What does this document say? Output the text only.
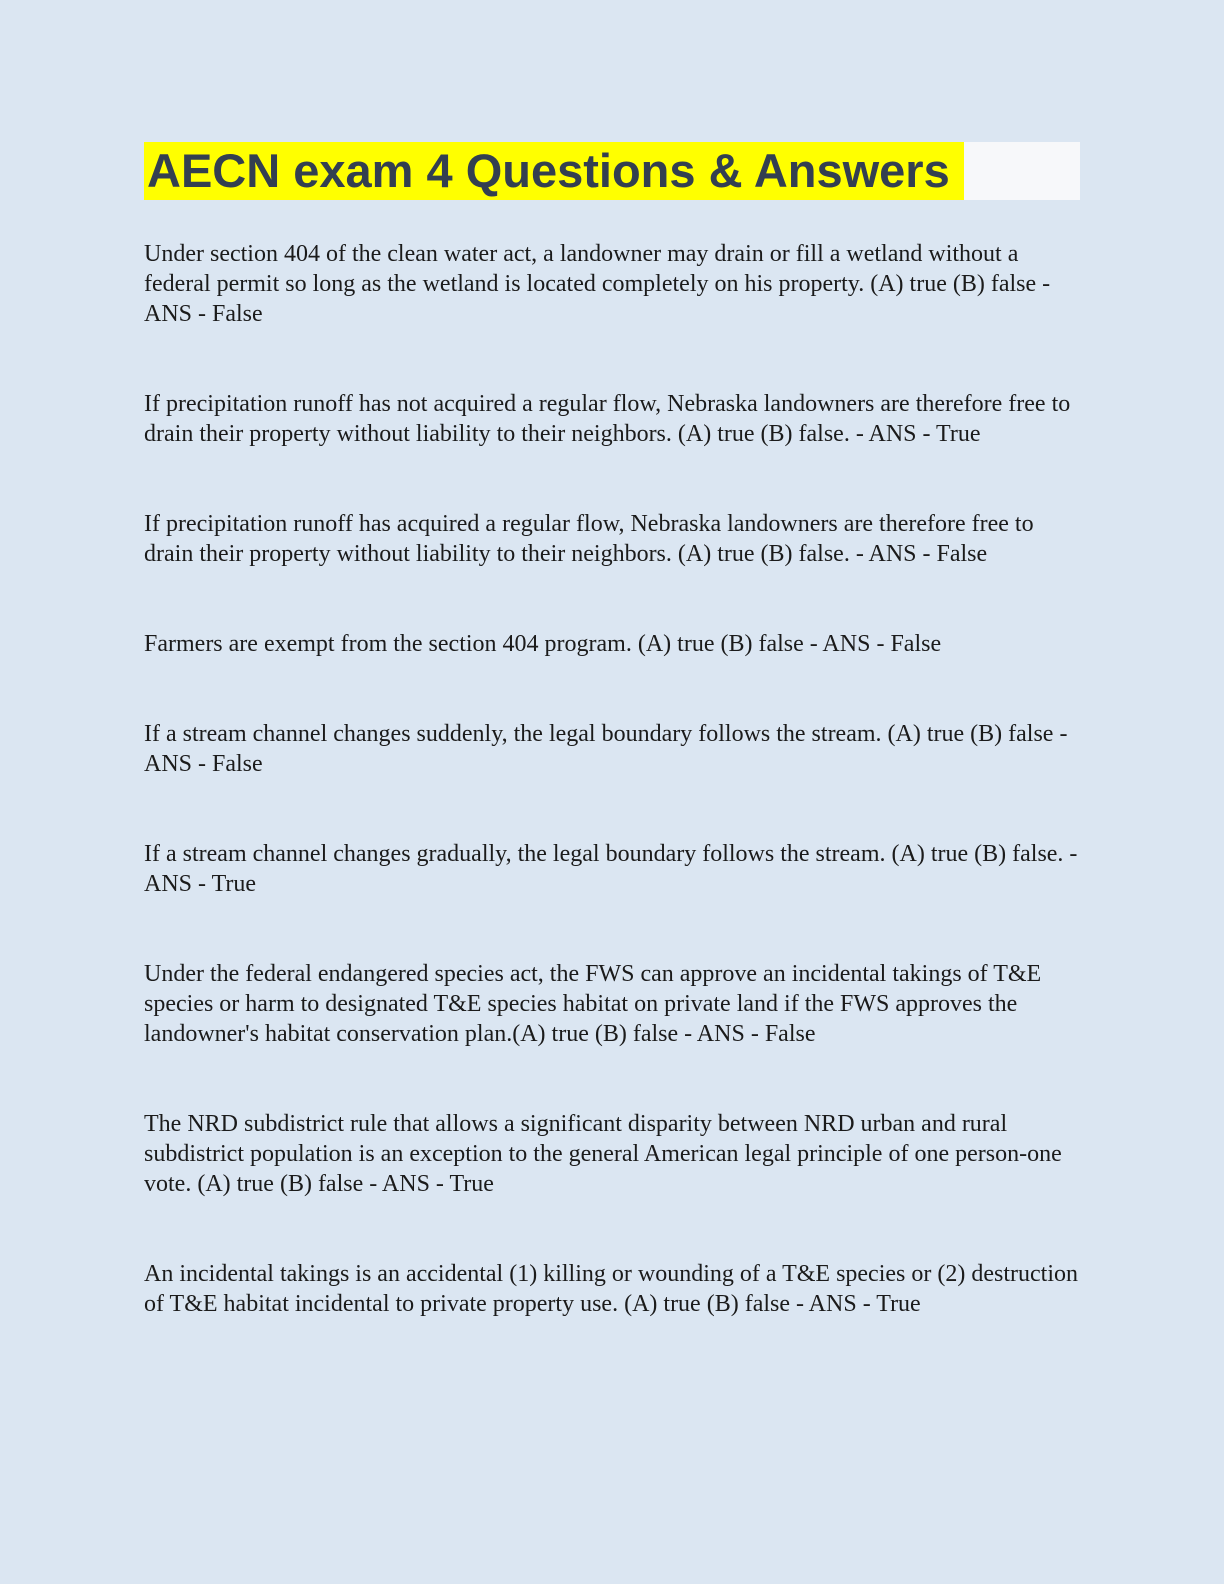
AECN exam 4 Questions & Answers

Under section 404 of the clean water act, a landowner may drain or fill a wetland without a federal permit so long as the wetland is located completely on his property. (A) true (B) false - ANS - False

If precipitation runoff has not acquired a regular flow, Nebraska landowners are therefore free to drain their property without liability to their neighbors. (A) true (B) false. - ANS - True

If precipitation runoff has acquired a regular flow, Nebraska landowners are therefore free to drain their property without liability to their neighbors. (A) true (B) false. - ANS - False

Farmers are exempt from the section 404 program. (A) true (B) false - ANS - False

If a stream channel changes suddenly, the legal boundary follows the stream. (A) true (B) false - ANS - False

If a stream channel changes gradually, the legal boundary follows the stream. (A) true (B) false. - ANS - True

Under the federal endangered species act, the FWS can approve an incidental takings of T&E species or harm to designated T&E species habitat on private land if the FWS approves the landowner's habitat conservation plan.(A) true (B) false - ANS - False

The NRD subdistrict rule that allows a significant disparity between NRD urban and rural subdistrict population is an exception to the general American legal principle of one person-one vote. (A) true (B) false - ANS - True

An incidental takings is an accidental (1) killing or wounding of a T&E species or (2) destruction of T&E habitat incidental to private property use. (A) true (B) false - ANS - True
